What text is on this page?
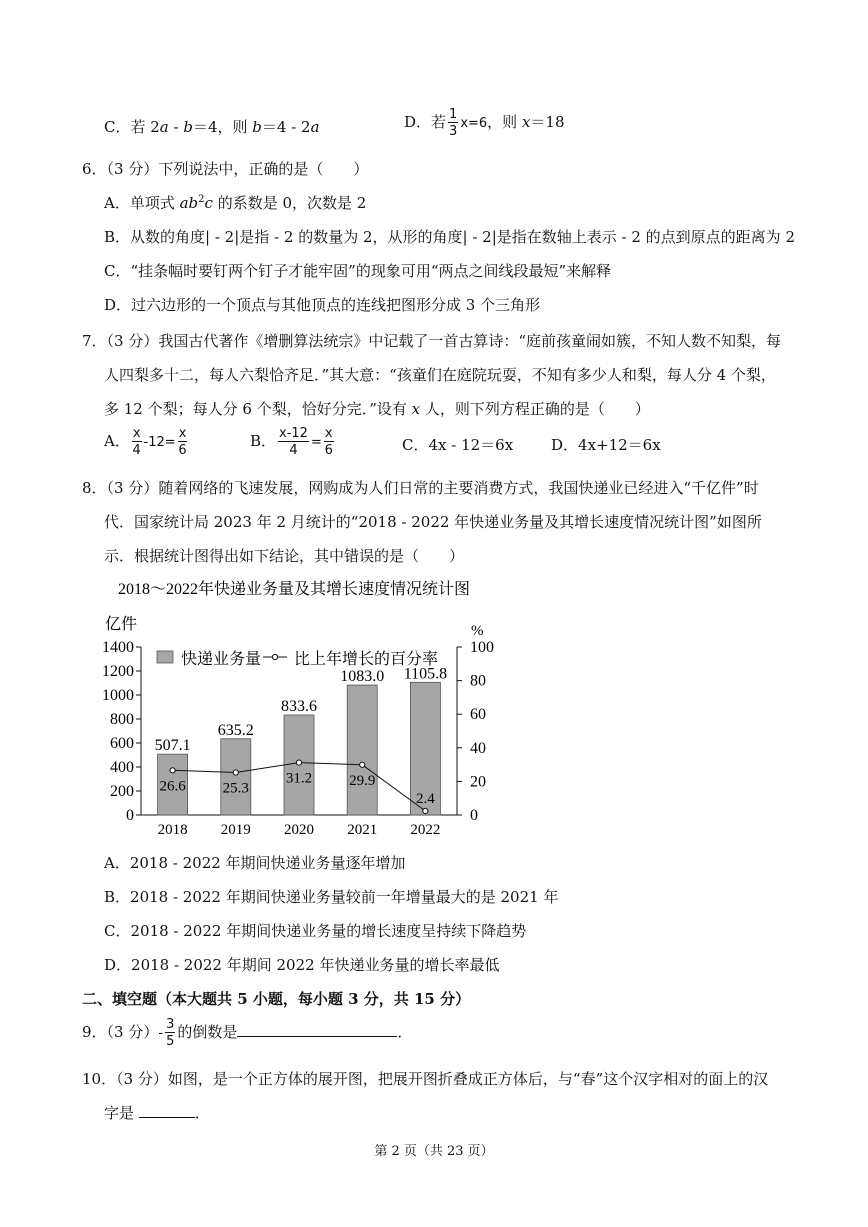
C．若 2a - b＝4，则 b＝4 - 2a	D．若 $\frac{1}{3} x=6$，则 x＝18
6．（3 分）下列说法中，正确的是（　　）
A．单项式 $ab^2c$ 的系数是 0，次数是 2
B．从数的角度| - 2|是指 - 2 的数量为 2，从形的角度| - 2|是指在数轴上表示 - 2 的点到原点的距离为 2
C．“挂条幅时要钉两个钉子才能牢固”的现象可用“两点之间线段最短”来解释
D．过六边形的一个顶点与其他顶点的连线把图形分成 3 个三角形
7．（3 分）我国古代著作《增删算法统宗》中记载了一首古算诗：“庭前孩童闹如簇，不知人数不知梨，每
人四梨多十二，每人六梨恰齐足．”其大意：“孩童们在庭院玩耍，不知有多少人和梨，每人分 4 个梨，
多 12 个梨；每人分 6 个梨，恰好分完．”设有 x 人，则下列方程正确的是（　　）
A． $\frac{x}{4} -12= \frac{x}{6}$	B． $\frac{x-12}{4} = \frac{x}{6}$	C．4x - 12＝6x	D．4x+12＝6x
8．（3 分）随着网络的飞速发展，网购成为人们日常的主要消费方式，我国快递业已经进入“千亿件”时
代．国家统计局 2023 年 2 月统计的“2018 - 2022 年快递业务量及其增长速度情况统计图”如图所
示．根据统计图得出如下结论，其中错误的是（　　）
2018～2022年快递业务量及其增长速度情况统计图
亿件	%
0
200
400
600
800
1000
1200
1400
0
20
40
60
80
100
507.1
2018
635.2
2019
833.6
2020
1083.0
2021
1105.8
2022
26.6 25.3
31.2 29.9
2.4
快递业务量 比上年增长的百分率
A．2018 - 2022 年期间快递业务量逐年增加
B．2018 - 2022 年期间快递业务量较前一年增量最大的是 2021 年
C．2018 - 2022 年期间快递业务量的增长速度呈持续下降趋势
D．2018 - 2022 年期间 2022 年快递业务量的增长率最低
二、填空题（本大题共 5 小题，每小题 3 分，共 15 分）
9．（3 分）- $\frac{3}{5}$ 的倒数是	．
10．（3 分）如图，是一个正方体的展开图，把展开图折叠成正方体后，与“春”这个汉字相对的面上的汉
字是	．
第 2 页（共 23 页）
